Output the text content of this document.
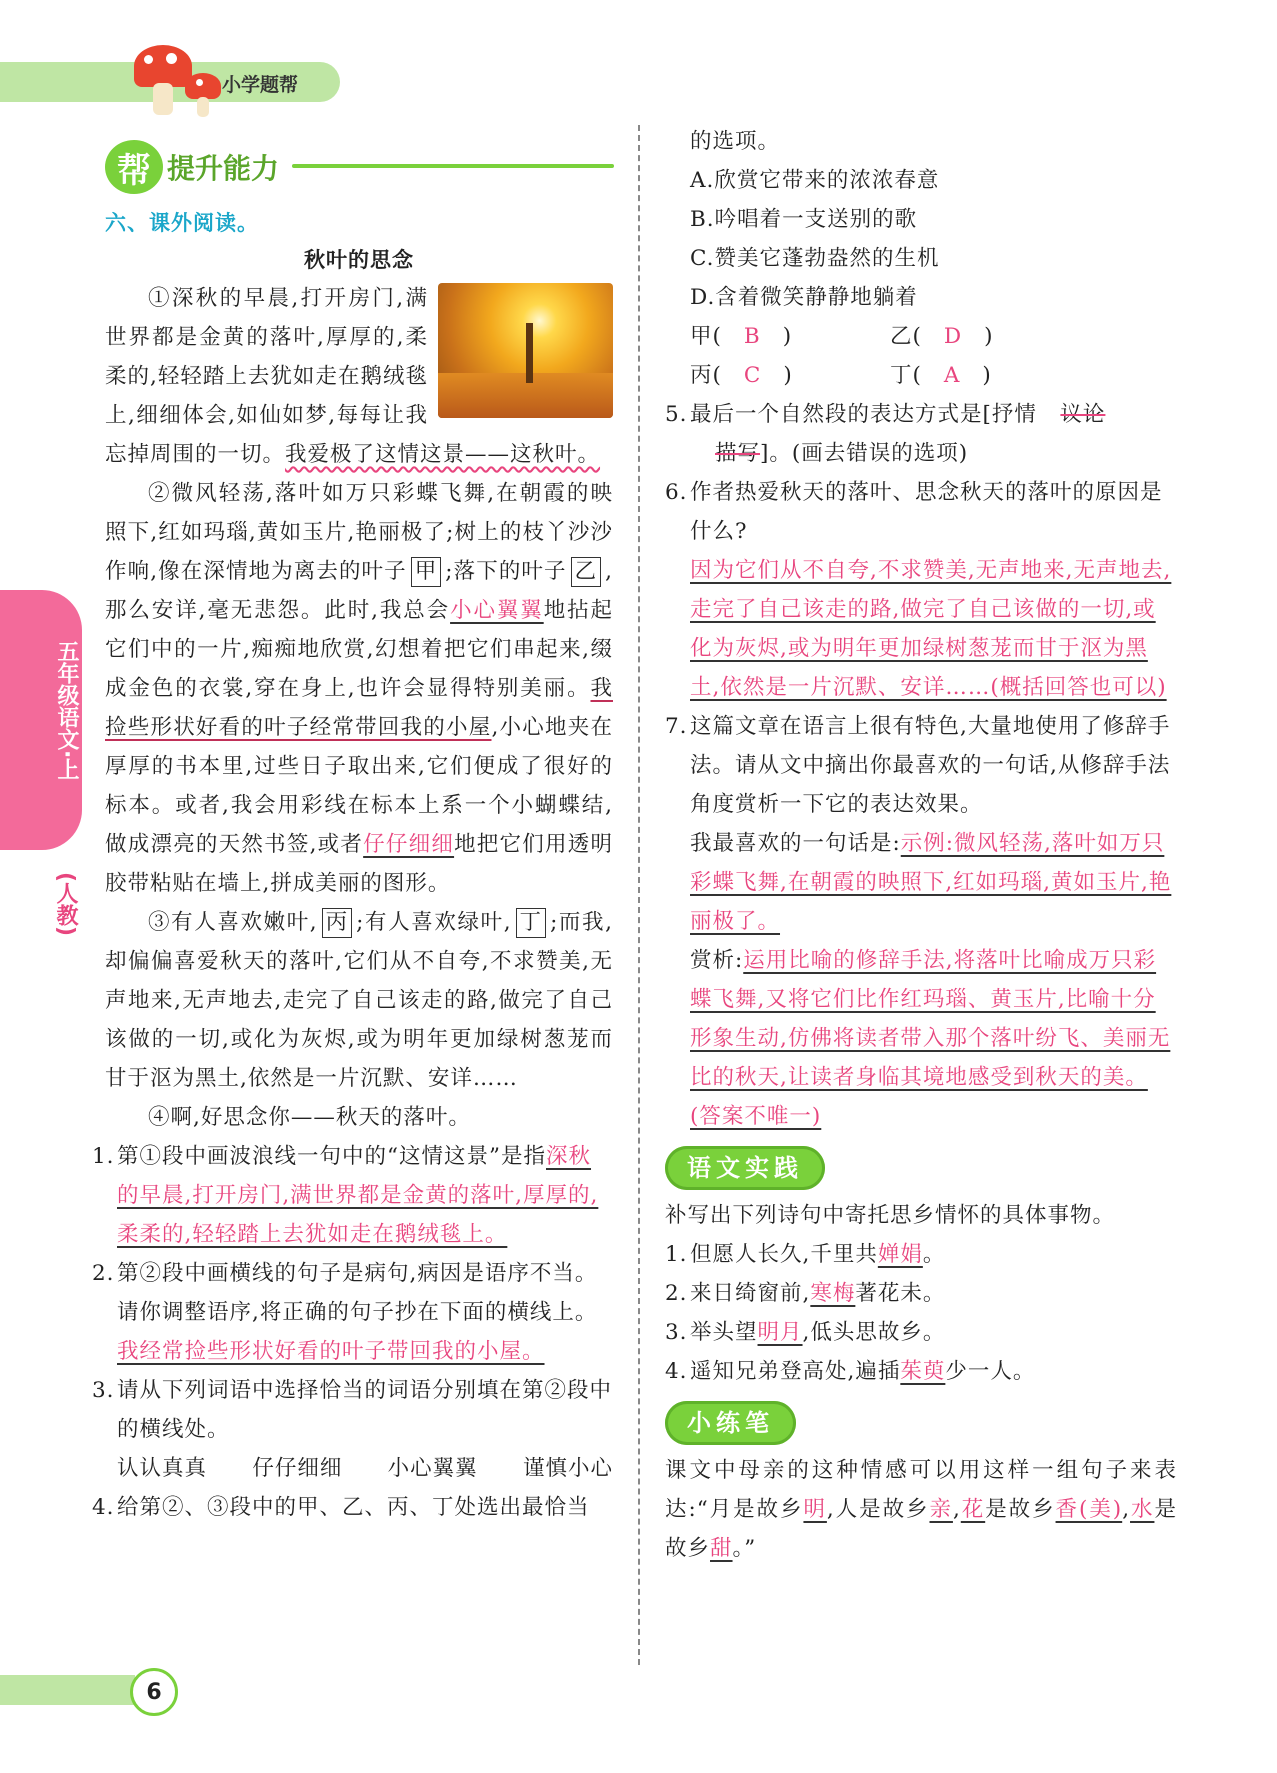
小学题帮
帮 提升能力
五年级语文·上
(人教)
六、课外阅读。
秋叶的思念
①深秋的早晨,打开房门,满世界都是金黄的落叶,厚厚的,柔柔的,轻轻踏上去犹如走在鹅绒毯上,细细体会,如仙如梦,每每让我忘掉周围的一切。我爱极了这情这景——这秋叶。
②微风轻荡,落叶如万只彩蝶飞舞,在朝霞的映照下,红如玛瑙,黄如玉片,艳丽极了;树上的枝丫沙沙作响,像在深情地为离去的叶子 甲 ;落下的叶子 乙 ,那么安详,毫无悲怨。此时,我总会小心翼翼地拈起它们中的一片,痴痴地欣赏,幻想着把它们串起来,缀成金色的衣裳,穿在身上,也许会显得特别美丽。我捡些形状好看的叶子经常带回我的小屋,小心地夹在厚厚的书本里,过些日子取出来,它们便成了很好的标本。或者,我会用彩线在标本上系一个小蝴蝶结,做成漂亮的天然书签,或者仔仔细细地把它们用透明胶带粘贴在墙上,拼成美丽的图形。
③有人喜欢嫩叶, 丙 ;有人喜欢绿叶, 丁 ;而我,却偏偏喜爱秋天的落叶,它们从不自夸,不求赞美,无声地来,无声地去,走完了自己该走的路,做完了自己该做的一切,或化为灰烬,或为明年更加绿树葱茏而甘于沤为黑土,依然是一片沉默、安详……
④啊,好思念你——秋天的落叶。
1. 第①段中画波浪线一句中的“这情这景”是指深秋的早晨,打开房门,满世界都是金黄的落叶,厚厚的,柔柔的,轻轻踏上去犹如走在鹅绒毯上。
2. 第②段中画横线的句子是病句,病因是语序不当。请你调整语序,将正确的句子抄在下面的横线上。
我经常捡些形状好看的叶子带回我的小屋。
3. 请从下列词语中选择恰当的词语分别填在第②段中的横线处。
认认真真 仔仔细细 小心翼翼 谨慎小心
4. 给第②、③段中的甲、乙、丙、丁处选出最恰当
的选项。
A.欣赏它带来的浓浓春意
B.吟唱着一支送别的歌
C.赞美它蓬勃盎然的生机
D.含着微笑静静地躺着
甲( B )	乙( D )
丙( C )	丁( A )
5. 最后一个自然段的表达方式是[抒情 议论
描写]。(画去错误的选项)
6. 作者热爱秋天的落叶、思念秋天的落叶的原因是什么?
因为它们从不自夸,不求赞美,无声地来,无声地去,走完了自己该走的路,做完了自己该做的一切,或化为灰烬,或为明年更加绿树葱茏而甘于沤为黑土,依然是一片沉默、安详……(概括回答也可以)
7. 这篇文章在语言上很有特色,大量地使用了修辞手法。请从文中摘出你最喜欢的一句话,从修辞手法角度赏析一下它的表达效果。
我最喜欢的一句话是:示例:微风轻荡,落叶如万只彩蝶飞舞,在朝霞的映照下,红如玛瑙,黄如玉片,艳丽极了。
赏析:运用比喻的修辞手法,将落叶比喻成万只彩蝶飞舞,又将它们比作红玛瑙、黄玉片,比喻十分形象生动,仿佛将读者带入那个落叶纷飞、美丽无比的秋天,让读者身临其境地感受到秋天的美。(答案不唯一)
语文实践
补写出下列诗句中寄托思乡情怀的具体事物。
1. 但愿人长久,千里共婵娟。
2. 来日绮窗前,寒梅著花未。
3. 举头望明月,低头思故乡。
4. 遥知兄弟登高处,遍插茱萸少一人。
小练笔
课文中母亲的这种情感可以用这样一组句子来表达:“月是故乡明,人是故乡亲,花是故乡香(美),水是故乡甜。”
6
